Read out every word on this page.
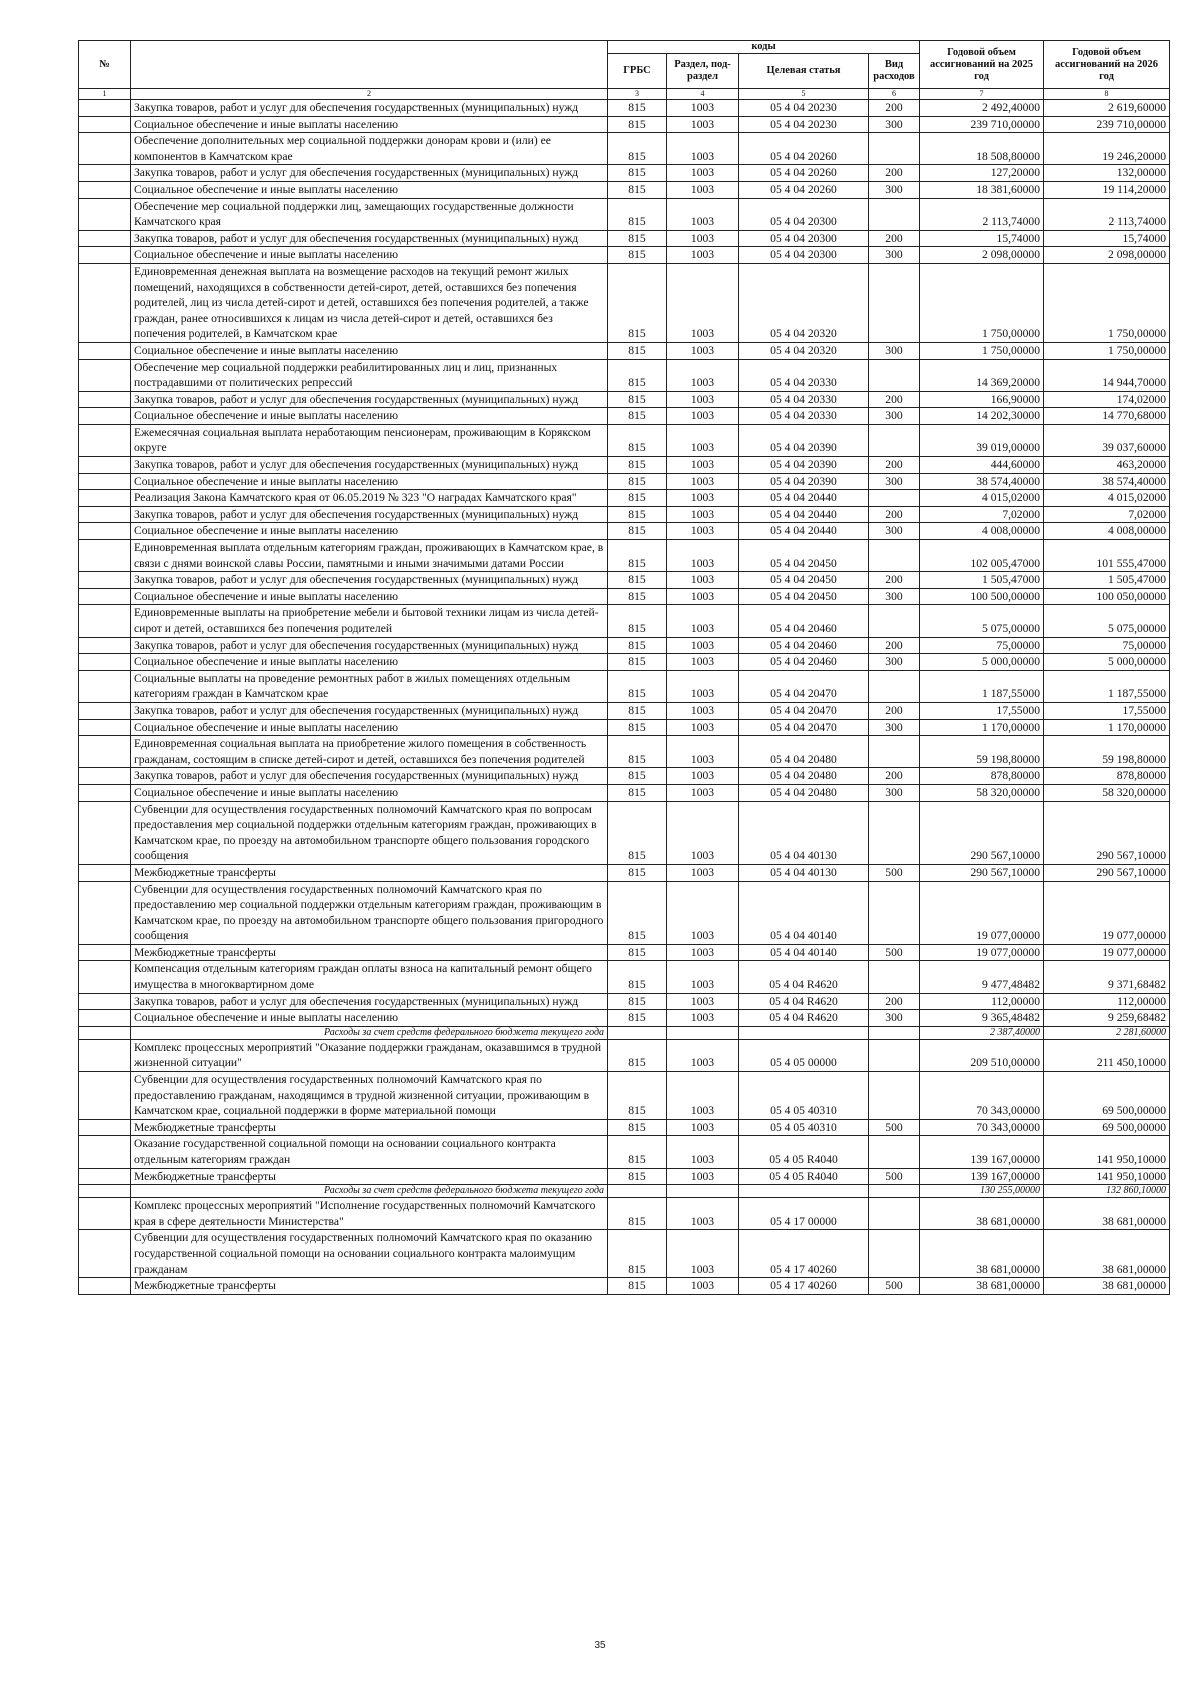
№		коды				Годовой объем ассигнований на 2025 год	Годовой объем ассигнований на 2026 год
		ГРБС	Раздел, под-раздел	Целевая статья	Вид расходов		
1	2	3	4	5	6	7	8
	Закупка товаров, работ и услуг для обеспечения государственных (муниципальных) нужд	815	1003	05 4 04 20230	200	2 492,40000	2 619,60000
	Социальное обеспечение и иные выплаты населению	815	1003	05 4 04 20230	300	239 710,00000	239 710,00000
	Обеспечение дополнительных мер социальной поддержки донорам крови и (или) ее компонентов в Камчатском крае	815	1003	05 4 04 20260		18 508,80000	19 246,20000
	Закупка товаров, работ и услуг для обеспечения государственных (муниципальных) нужд	815	1003	05 4 04 20260	200	127,20000	132,00000
	Социальное обеспечение и иные выплаты населению	815	1003	05 4 04 20260	300	18 381,60000	19 114,20000
	Обеспечение мер социальной поддержки лиц, замещающих государственные должности Камчатского края	815	1003	05 4 04 20300		2 113,74000	2 113,74000
	Закупка товаров, работ и услуг для обеспечения государственных (муниципальных) нужд	815	1003	05 4 04 20300	200	15,74000	15,74000
	Социальное обеспечение и иные выплаты населению	815	1003	05 4 04 20300	300	2 098,00000	2 098,00000
	Единовременная денежная выплата на возмещение расходов на текущий ремонт жилых помещений, находящихся в собственности детей-сирот, детей, оставшихся без попечения родителей, лиц из числа детей-сирот и детей, оставшихся без попечения родителей, а также граждан, ранее относившихся к лицам из числа детей-сирот и детей, оставшихся без попечения родителей, в Камчатском крае	815	1003	05 4 04 20320		1 750,00000	1 750,00000
	Социальное обеспечение и иные выплаты населению	815	1003	05 4 04 20320	300	1 750,00000	1 750,00000
	Обеспечение мер социальной поддержки реабилитированных лиц и лиц, признанных пострадавшими от политических репрессий	815	1003	05 4 04 20330		14 369,20000	14 944,70000
	Закупка товаров, работ и услуг для обеспечения государственных (муниципальных) нужд	815	1003	05 4 04 20330	200	166,90000	174,02000
	Социальное обеспечение и иные выплаты населению	815	1003	05 4 04 20330	300	14 202,30000	14 770,68000
	Ежемесячная социальная выплата неработающим пенсионерам, проживающим в Корякском округе	815	1003	05 4 04 20390		39 019,00000	39 037,60000
	Закупка товаров, работ и услуг для обеспечения государственных (муниципальных) нужд	815	1003	05 4 04 20390	200	444,60000	463,20000
	Социальное обеспечение и иные выплаты населению	815	1003	05 4 04 20390	300	38 574,40000	38 574,40000
	Реализация Закона Камчатского края от 06.05.2019 № 323 "О наградах Камчатского края"	815	1003	05 4 04 20440		4 015,02000	4 015,02000
	Закупка товаров, работ и услуг для обеспечения государственных (муниципальных) нужд	815	1003	05 4 04 20440	200	7,02000	7,02000
	Социальное обеспечение и иные выплаты населению	815	1003	05 4 04 20440	300	4 008,00000	4 008,00000
	Единовременная выплата отдельным категориям граждан, проживающих в Камчатском крае, в связи с днями воинской славы России, памятными и иными значимыми датами России	815	1003	05 4 04 20450		102 005,47000	101 555,47000
	Закупка товаров, работ и услуг для обеспечения государственных (муниципальных) нужд	815	1003	05 4 04 20450	200	1 505,47000	1 505,47000
	Социальное обеспечение и иные выплаты населению	815	1003	05 4 04 20450	300	100 500,00000	100 050,00000
	Единовременные выплаты на приобретение мебели и бытовой техники лицам из числа детей-сирот и детей, оставшихся без попечения родителей	815	1003	05 4 04 20460		5 075,00000	5 075,00000
	Закупка товаров, работ и услуг для обеспечения государственных (муниципальных) нужд	815	1003	05 4 04 20460	200	75,00000	75,00000
	Социальное обеспечение и иные выплаты населению	815	1003	05 4 04 20460	300	5 000,00000	5 000,00000
	Социальные выплаты на проведение ремонтных работ в жилых помещениях отдельным категориям граждан в Камчатском крае	815	1003	05 4 04 20470		1 187,55000	1 187,55000
	Закупка товаров, работ и услуг для обеспечения государственных (муниципальных) нужд	815	1003	05 4 04 20470	200	17,55000	17,55000
	Социальное обеспечение и иные выплаты населению	815	1003	05 4 04 20470	300	1 170,00000	1 170,00000
	Единовременная социальная выплата на приобретение жилого помещения в собственность гражданам, состоящим в списке детей-сирот и детей, оставшихся без попечения родителей	815	1003	05 4 04 20480		59 198,80000	59 198,80000
	Закупка товаров, работ и услуг для обеспечения государственных (муниципальных) нужд	815	1003	05 4 04 20480	200	878,80000	878,80000
	Социальное обеспечение и иные выплаты населению	815	1003	05 4 04 20480	300	58 320,00000	58 320,00000
	Субвенции для осуществления государственных полномочий Камчатского края по вопросам предоставления мер социальной поддержки отдельным категориям граждан, проживающих в Камчатском крае, по проезду на автомобильном транспорте общего пользования городского сообщения	815	1003	05 4 04 40130		290 567,10000	290 567,10000
	Межбюджетные трансферты	815	1003	05 4 04 40130	500	290 567,10000	290 567,10000
	Субвенции для осуществления государственных полномочий Камчатского края по предоставлению мер социальной поддержки отдельным категориям граждан, проживающим в Камчатском крае, по проезду на автомобильном транспорте общего пользования пригородного сообщения	815	1003	05 4 04 40140		19 077,00000	19 077,00000
	Межбюджетные трансферты	815	1003	05 4 04 40140	500	19 077,00000	19 077,00000
	Компенсация отдельным категориям граждан оплаты взноса на капитальный ремонт общего имущества в многоквартирном доме	815	1003	05 4 04 R4620		9 477,48482	9 371,68482
	Закупка товаров, работ и услуг для обеспечения государственных (муниципальных) нужд	815	1003	05 4 04 R4620	200	112,00000	112,00000
	Социальное обеспечение и иные выплаты населению	815	1003	05 4 04 R4620	300	9 365,48482	9 259,68482
	Расходы за счет средств федерального бюджета текущего года					2 387,40000	2 281,60000
	Комплекс процессных мероприятий "Оказание поддержки гражданам, оказавшимся в трудной жизненной ситуации"	815	1003	05 4 05 00000		209 510,00000	211 450,10000
	Субвенции для осуществления государственных полномочий Камчатского края по предоставлению гражданам, находящимся в трудной жизненной ситуации, проживающим в Камчатском крае, социальной поддержки в форме материальной помощи	815	1003	05 4 05 40310		70 343,00000	69 500,00000
	Межбюджетные трансферты	815	1003	05 4 05 40310	500	70 343,00000	69 500,00000
	Оказание государственной социальной помощи на основании социального контракта отдельным категориям граждан	815	1003	05 4 05 R4040		139 167,00000	141 950,10000
	Межбюджетные трансферты	815	1003	05 4 05 R4040	500	139 167,00000	141 950,10000
	Расходы за счет средств федерального бюджета текущего года					130 255,00000	132 860,10000
	Комплекс процессных мероприятий "Исполнение государственных полномочий Камчатского края в сфере деятельности Министерства"	815	1003	05 4 17 00000		38 681,00000	38 681,00000
	Субвенции для осуществления государственных полномочий Камчатского края по оказанию государственной социальной помощи на основании социального контракта малоимущим гражданам	815	1003	05 4 17 40260		38 681,00000	38 681,00000
	Межбюджетные трансферты	815	1003	05 4 17 40260	500	38 681,00000	38 681,00000
35
